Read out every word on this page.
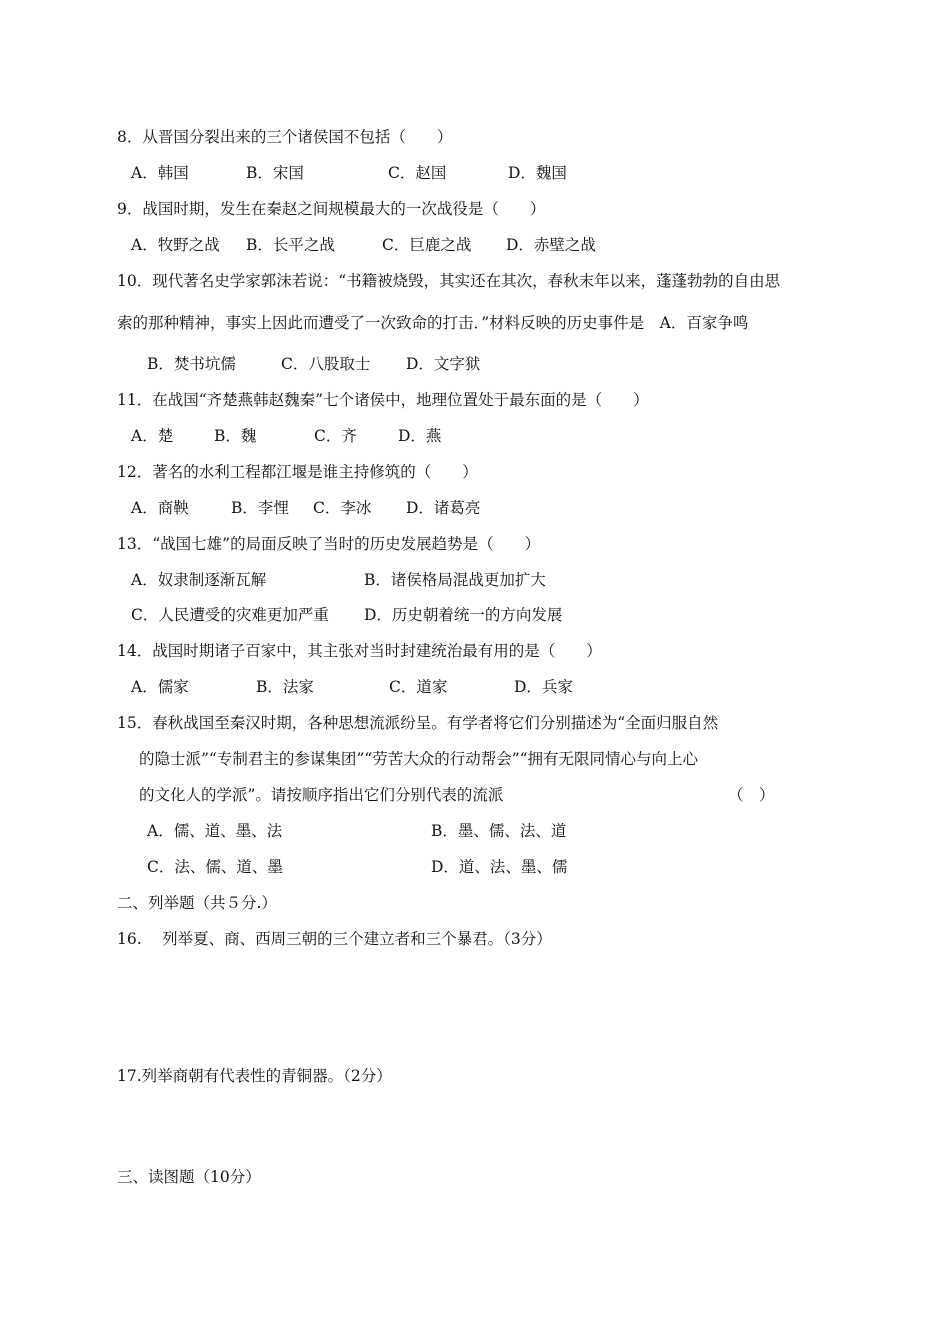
8．从晋国分裂出来的三个诸侯国不包括（　　）
A．韩国	B．宋国	C．赵国	D．魏国
9．战国时期，发生在秦赵之间规模最大的一次战役是（　　）
A．牧野之战 B．长平之战	C．巨鹿之战 D．赤壁之战
10．现代著名史学家郭沫若说：“书籍被烧毁，其实还在其次，春秋末年以来，蓬蓬勃勃的自由思
索的那种精神，事实上因此而遭受了一次致命的打击．”材料反映的历史事件是　A．百家争鸣
B．焚书坑儒	C．八股取士 D．文字狱
11．在战国“齐楚燕韩赵魏秦”七个诸侯中，地理位置处于最东面的是（　　）
A．楚	B．魏	C．齐	D．燕
12．著名的水利工程都江堰是谁主持修筑的（　　）
A．商鞅	B．李悝 C．李冰 D．诸葛亮
13．“战国七雄”的局面反映了当时的历史发展趋势是（　　）
A．奴隶制逐渐瓦解	B．诸侯格局混战更加扩大
C．人民遭受的灾难更加严重 D．历史朝着统一的方向发展
14．战国时期诸子百家中，其主张对当时封建统治最有用的是（　　）
A．儒家	B．法家	C．道家	D．兵家
15．春秋战国至秦汉时期，各种思想流派纷呈。有学者将它们分别描述为“全面归服自然
的隐士派”“专制君主的参谋集团”“劳苦大众的行动帮会”“拥有无限同情心与向上心
的文化人的学派”。请按顺序指出它们分别代表的流派	（　）
A．儒、道、墨、法	B．墨、儒、法、道
C．法、儒、道、墨	D．道、法、墨、儒
二、列举题（共５分.）
16.　 列举夏、商、西周三朝的三个建立者和三个暴君。（3分）
17.列举商朝有代表性的青铜器。（2分）
三、读图题（10分）
